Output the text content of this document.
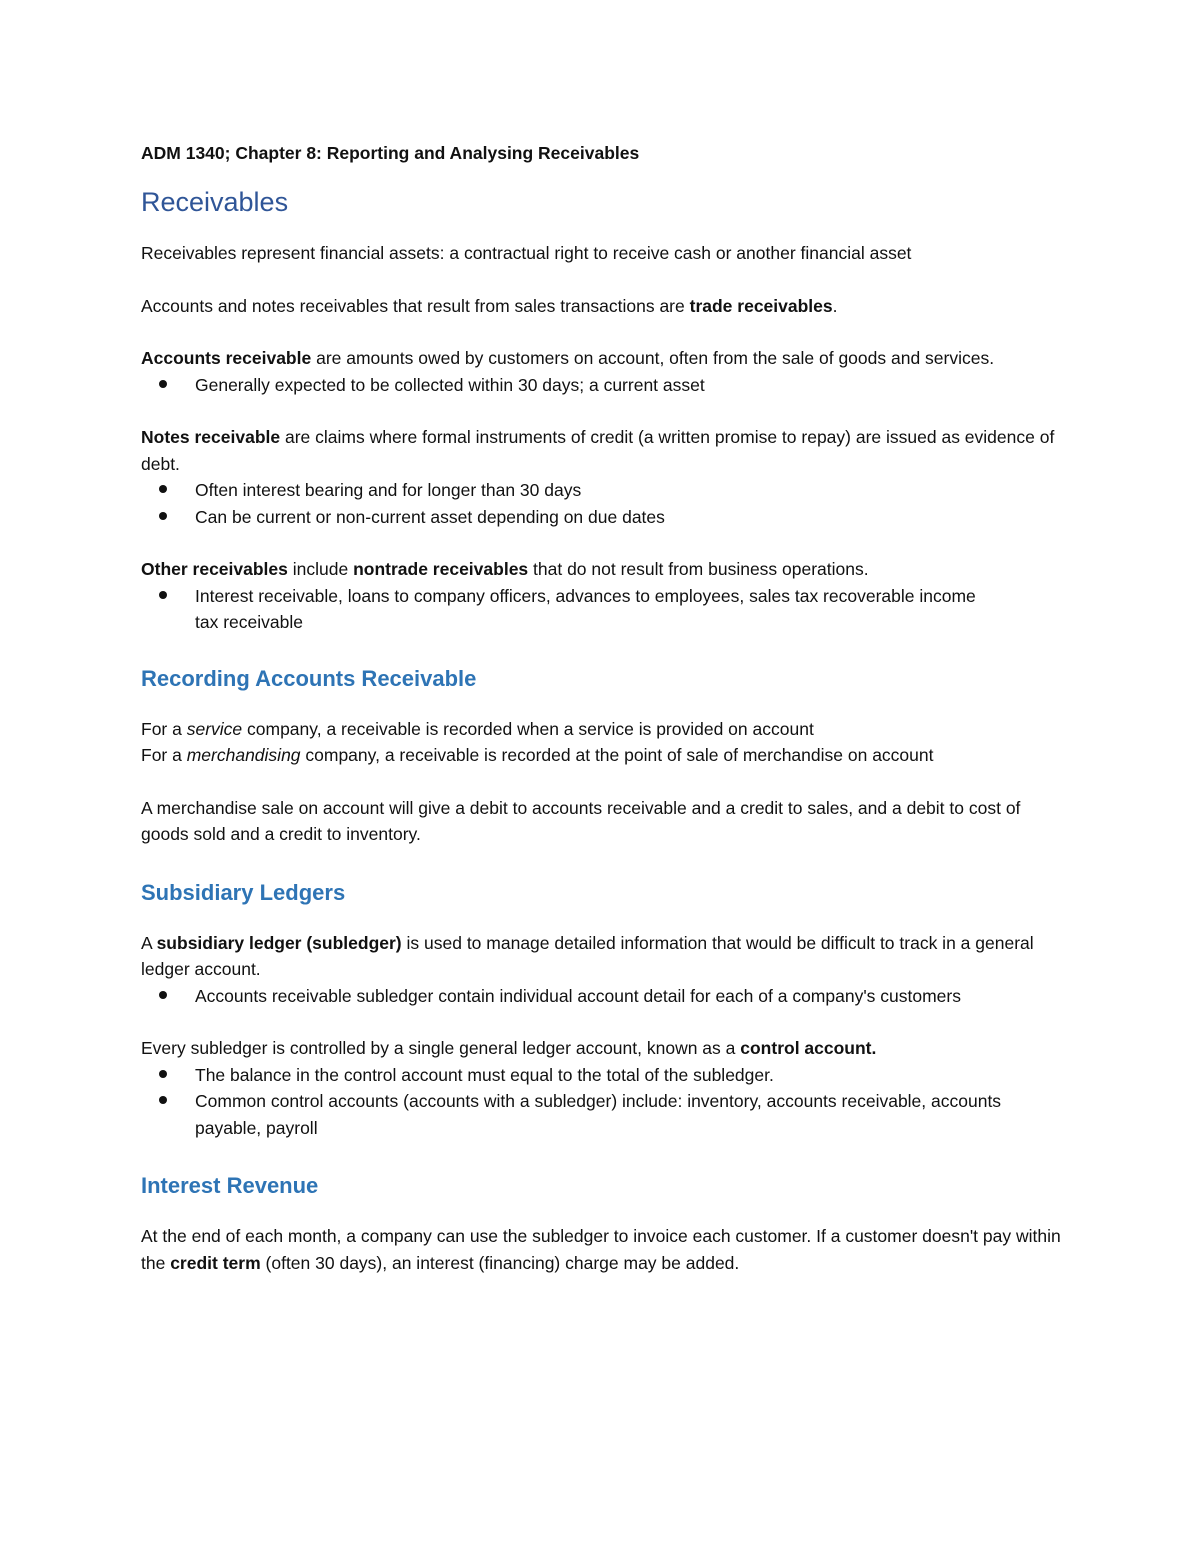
ADM 1340; Chapter 8: Reporting and Analysing Receivables
Receivables
Receivables represent financial assets: a contractual right to receive cash or another financial asset
Accounts and notes receivables that result from sales transactions are trade receivables.
Accounts receivable are amounts owed by customers on account, often from the sale of goods and services.
Generally expected to be collected within 30 days; a current asset
Notes receivable are claims where formal instruments of credit (a written promise to repay) are issued as evidence of debt.
Often interest bearing and for longer than 30 days
Can be current or non-current asset depending on due dates
Other receivables include nontrade receivables that do not result from business operations.
Interest receivable, loans to company officers, advances to employees, sales tax recoverable income tax receivable
Recording Accounts Receivable
For a service company, a receivable is recorded when a service is provided on account
For a merchandising company, a receivable is recorded at the point of sale of merchandise on account
A merchandise sale on account will give a debit to accounts receivable and a credit to sales, and a debit to cost of goods sold and a credit to inventory.
Subsidiary Ledgers
A subsidiary ledger (subledger) is used to manage detailed information that would be difficult to track in a general ledger account.
Accounts receivable subledger contain individual account detail for each of a company's customers
Every subledger is controlled by a single general ledger account, known as a control account.
The balance in the control account must equal to the total of the subledger.
Common control accounts (accounts with a subledger) include: inventory, accounts receivable, accounts payable, payroll
Interest Revenue
At the end of each month, a company can use the subledger to invoice each customer. If a customer doesn't pay within the credit term (often 30 days), an interest (financing) charge may be added.
